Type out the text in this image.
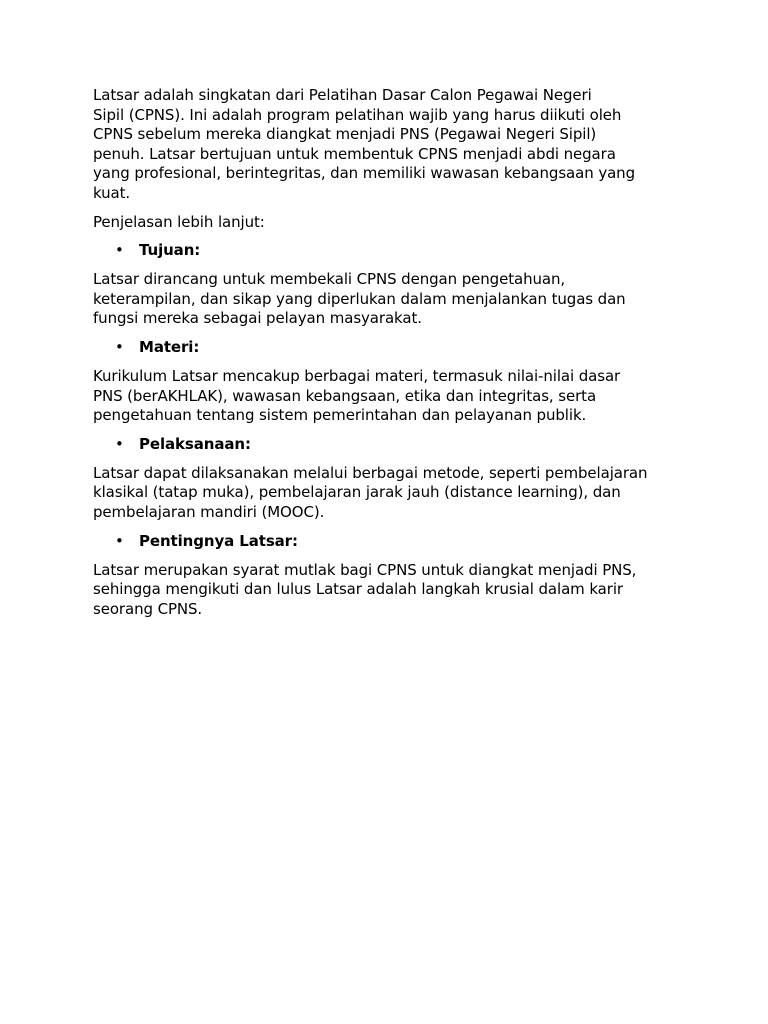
Latsar adalah singkatan dari Pelatihan Dasar Calon Pegawai Negeri
Sipil (CPNS). Ini adalah program pelatihan wajib yang harus diikuti oleh
CPNS sebelum mereka diangkat menjadi PNS (Pegawai Negeri Sipil)
penuh. Latsar bertujuan untuk membentuk CPNS menjadi abdi negara
yang profesional, berintegritas, dan memiliki wawasan kebangsaan yang
kuat.

Penjelasan lebih lanjut:

• Tujuan:

Latsar dirancang untuk membekali CPNS dengan pengetahuan,
keterampilan, dan sikap yang diperlukan dalam menjalankan tugas dan
fungsi mereka sebagai pelayan masyarakat.

• Materi:

Kurikulum Latsar mencakup berbagai materi, termasuk nilai-nilai dasar
PNS (berAKHLAK), wawasan kebangsaan, etika dan integritas, serta
pengetahuan tentang sistem pemerintahan dan pelayanan publik.

• Pelaksanaan:

Latsar dapat dilaksanakan melalui berbagai metode, seperti pembelajaran
klasikal (tatap muka), pembelajaran jarak jauh (distance learning), dan
pembelajaran mandiri (MOOC).

• Pentingnya Latsar:

Latsar merupakan syarat mutlak bagi CPNS untuk diangkat menjadi PNS,
sehingga mengikuti dan lulus Latsar adalah langkah krusial dalam karir
seorang CPNS.
